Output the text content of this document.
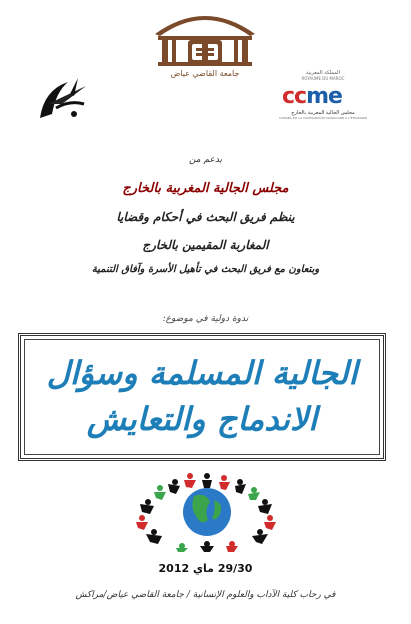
جامعة القاضي عياض	المملكة المغربية
ROYAUME DU MAROC
ccme
مجلس الجالية المغربية بالخارج
CONSEIL DE LA COMMUNAUTÉ MAROCAINE À L'ÉTRANGER
بدعم من
مجلس الجالية المغربية بالخارج
ينظم فريق البحث في أحكام وقضايا
المغاربة المقيمين بالخارج
وبتعاون مع فريق البحث في تأهيل الأسرة وآفاق التنمية
ندوة دولية في موضوع:
الجالية المسلمة وسؤال
الاندماج والتعايش
29/30 ماي 2012
في رحاب كلية الآداب والعلوم الإنسانية / جامعة القاضي عياض/مراكش
